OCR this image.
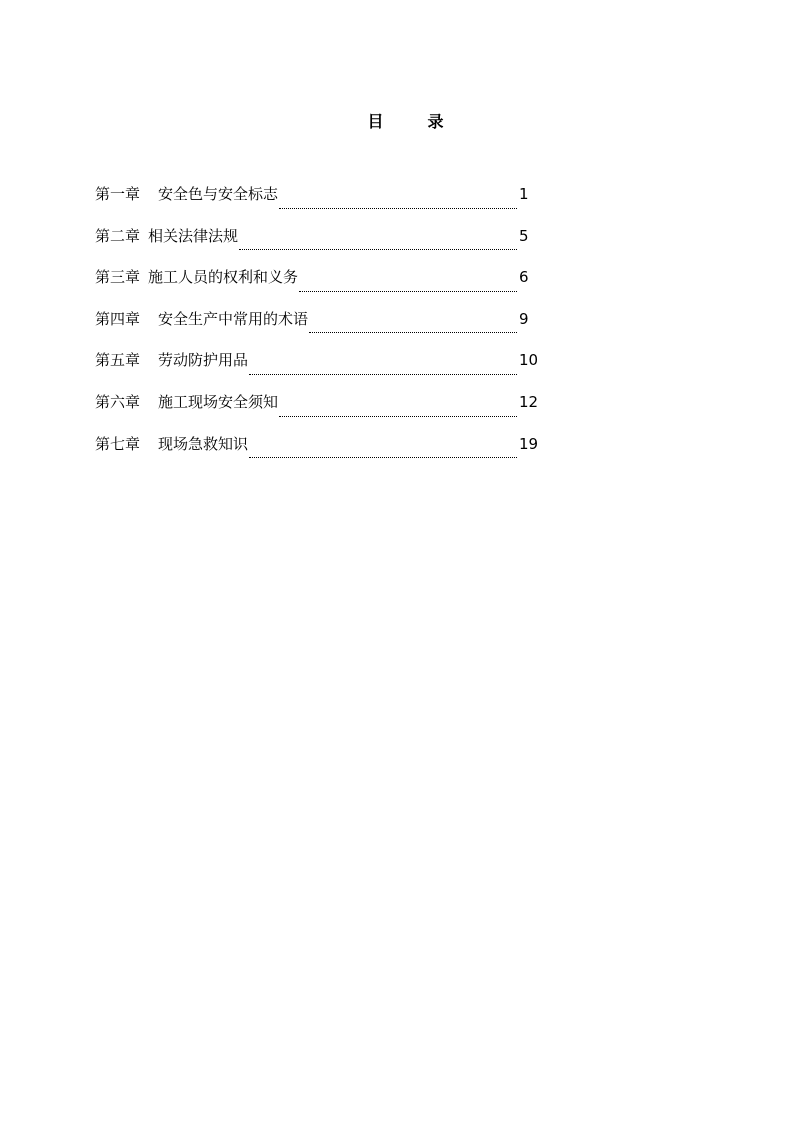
目　录
第一章 安全色与安全标志	1
第二章 相关法律法规	5
第三章 施工人员的权利和义务	6
第四章 安全生产中常用的术语	9
第五章 劳动防护用品	10
第六章 施工现场安全须知	12
第七章 现场急救知识	19
